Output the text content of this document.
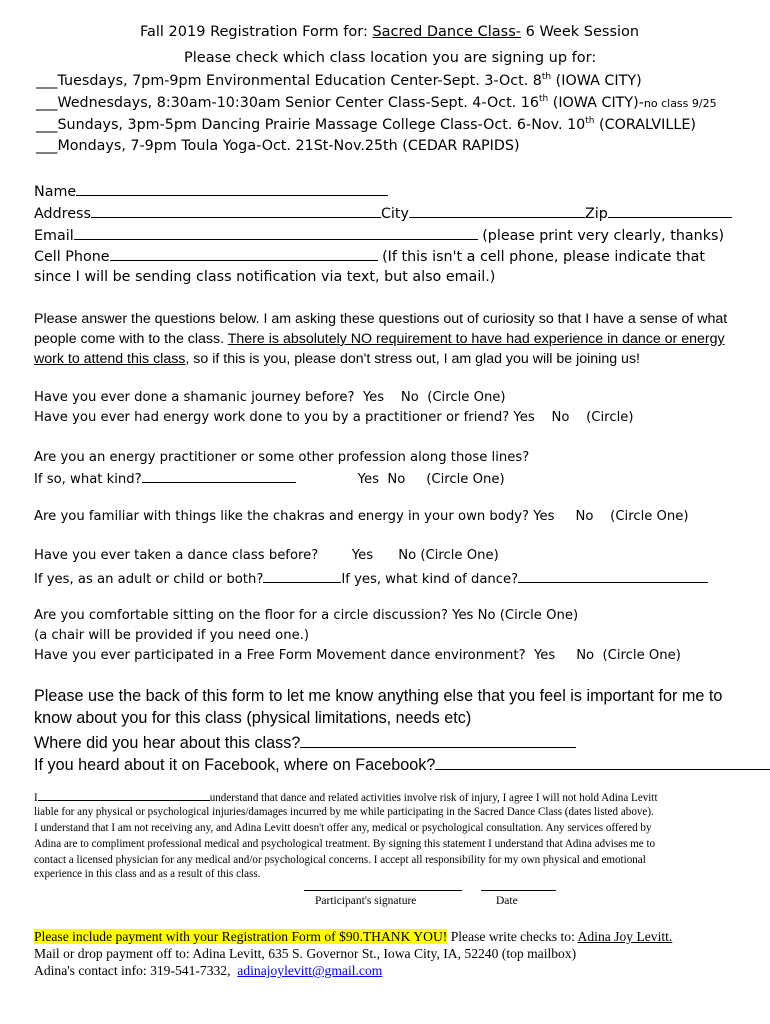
Fall 2019 Registration Form for: Sacred Dance Class- 6 Week Session
Please check which class location you are signing up for:
___Tuesdays, 7pm-9pm Environmental Education Center-Sept. 3-Oct. 8th (IOWA CITY)
___Wednesdays, 8:30am-10:30am Senior Center Class-Sept. 4-Oct. 16th (IOWA CITY)-no class 9/25
___Sundays, 3pm-5pm Dancing Prairie Massage College Class-Oct. 6-Nov. 10th (CORALVILLE)
___Mondays, 7-9pm Toula Yoga-Oct. 21St-Nov.25th (CEDAR RAPIDS)
Name
Address	City	Zip
Email	(please print very clearly, thanks)
Cell Phone	(If this isn't a cell phone, please indicate that
since I will be sending class notification via text, but also email.)
Please answer the questions below. I am asking these questions out of curiosity so that I have a sense of what
people come with to the class. There is absolutely NO requirement to have had experience in dance or energy
work to attend this class, so if this is you, please don't stress out, I am glad you will be joining us!
Have you ever done a shamanic journey before?  Yes    No  (Circle One)
Have you ever had energy work done to you by a practitioner or friend? Yes    No    (Circle)
Are you an energy practitioner or some other profession along those lines?
If so, what kind?	Yes  No     (Circle One)
Are you familiar with things like the chakras and energy in your own body? Yes     No    (Circle One)
Have you ever taken a dance class before?        Yes      No (Circle One)
If yes, as an adult or child or both?	If yes, what kind of dance?
Are you comfortable sitting on the floor for a circle discussion? Yes No (Circle One)
(a chair will be provided if you need one.)
Have you ever participated in a Free Form Movement dance environment?  Yes     No  (Circle One)
Please use the back of this form to let me know anything else that you feel is important for me to
know about you for this class (physical limitations, needs etc)
Where did you hear about this class?
If you heard about it on Facebook, where on Facebook?
I	understand that dance and related activities involve risk of injury, I agree I will not hold Adina Levitt
liable for any physical or psychological injuries/damages incurred by me while participating in the Sacred Dance Class (dates listed above).
I understand that I am not receiving any, and Adina Levitt doesn't offer any, medical or psychological consultation. Any services offered by
Adina are to compliment professional medical and psychological treatment. By signing this statement I understand that Adina advises me to
contact a licensed physician for any medical and/or psychological concerns. I accept all responsibility for my own physical and emotional
experience in this class and as a result of this class.
Participant's signature	Date
Please include payment with your Registration Form of $90.THANK YOU! Please write checks to: Adina Joy Levitt.
Mail or drop payment off to: Adina Levitt, 635 S. Governor St., Iowa City, IA, 52240 (top mailbox)
Adina's contact info: 319-541-7332,  adinajoylevitt@gmail.com
